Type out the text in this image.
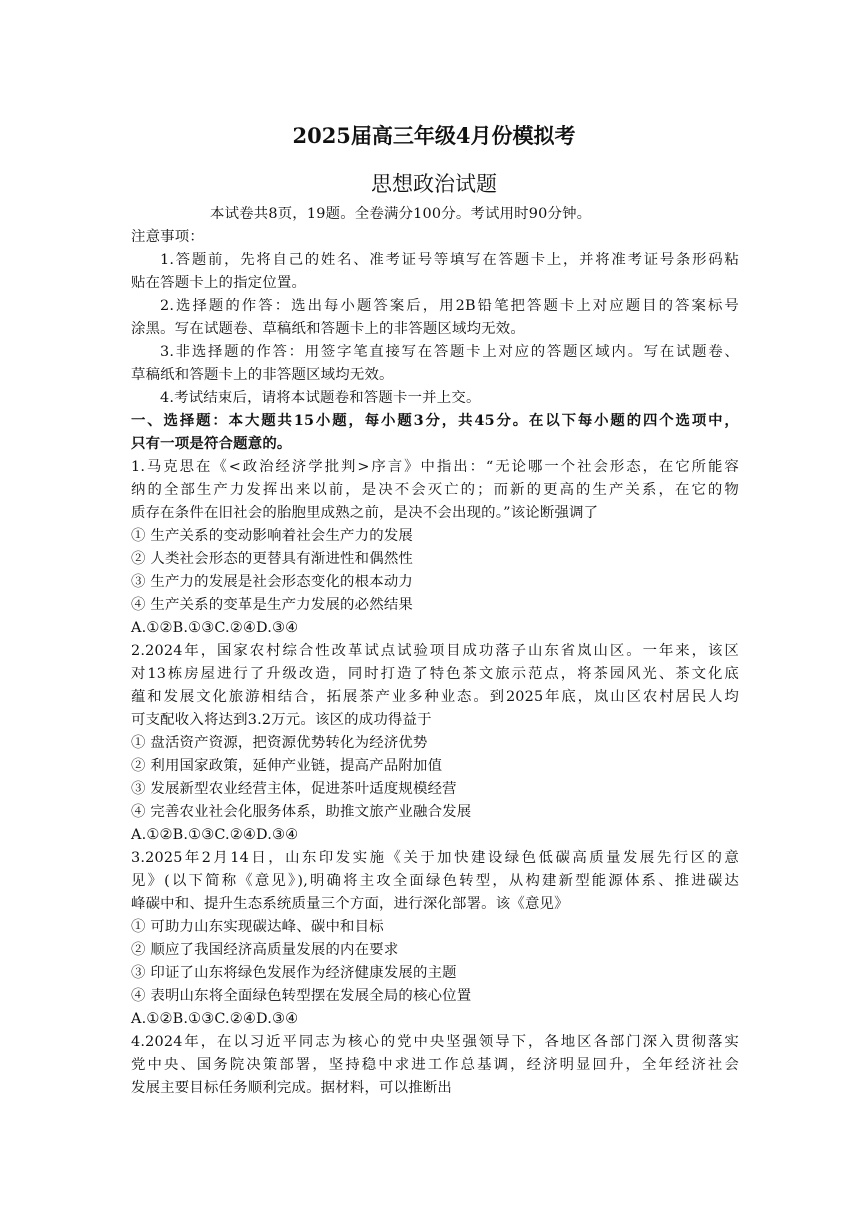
2025届高三年级4月份模拟考
思想政治试题
本试卷共8页，19题。全卷满分100分。考试用时90分钟。
注意事项：
1.答题前，先将自己的姓名、准考证号等填写在答题卡上，并将准考证号条形码粘
贴在答题卡上的指定位置。
2.选择题的作答：选出每小题答案后，用2B铅笔把答题卡上对应题目的答案标号
涂黑。写在试题卷、草稿纸和答题卡上的非答题区域均无效。
3.非选择题的作答：用签字笔直接写在答题卡上对应的答题区域内。写在试题卷、
草稿纸和答题卡上的非答题区域均无效。
4.考试结束后，请将本试题卷和答题卡一并上交。
一、选择题：本大题共15小题，每小题3分，共45分。在以下每小题的四个选项中，
只有一项是符合题意的。
1.马克思在《<政治经济学批判>序言》中指出：“无论哪一个社会形态，在它所能容
纳的全部生产力发挥出来以前，是决不会灭亡的；而新的更高的生产关系，在它的物
质存在条件在旧社会的胎胞里成熟之前，是决不会出现的。”该论断强调了
① 生产关系的变动影响着社会生产力的发展
② 人类社会形态的更替具有渐进性和偶然性
③ 生产力的发展是社会形态变化的根本动力
④ 生产关系的变革是生产力发展的必然结果
A.①②B.①③C.②④D.③④
2.2024年，国家农村综合性改革试点试验项目成功落子山东省岚山区。一年来，该区
对13栋房屋进行了升级改造，同时打造了特色茶文旅示范点，将茶园风光、茶文化底
蕴和发展文化旅游相结合，拓展茶产业多种业态。到2025年底，岚山区农村居民人均
可支配收入将达到3.2万元。该区的成功得益于
① 盘活资产资源，把资源优势转化为经济优势
② 利用国家政策，延伸产业链，提高产品附加值
③ 发展新型农业经营主体，促进茶叶适度规模经营
④ 完善农业社会化服务体系，助推文旅产业融合发展
A.①②B.①③C.②④D.③④
3.2025年2月14日，山东印发实施《关于加快建设绿色低碳高质量发展先行区的意
见》(以下简称《意见》),明确将主攻全面绿色转型，从构建新型能源体系、推进碳达
峰碳中和、提升生态系统质量三个方面，进行深化部署。该《意见》
① 可助力山东实现碳达峰、碳中和目标
② 顺应了我国经济高质量发展的内在要求
③ 印证了山东将绿色发展作为经济健康发展的主题
④ 表明山东将全面绿色转型摆在发展全局的核心位置
A.①②B.①③C.②④D.③④
4.2024年，在以习近平同志为核心的党中央坚强领导下，各地区各部门深入贯彻落实
党中央、国务院决策部署，坚持稳中求进工作总基调，经济明显回升，全年经济社会
发展主要目标任务顺利完成。据材料，可以推断出
